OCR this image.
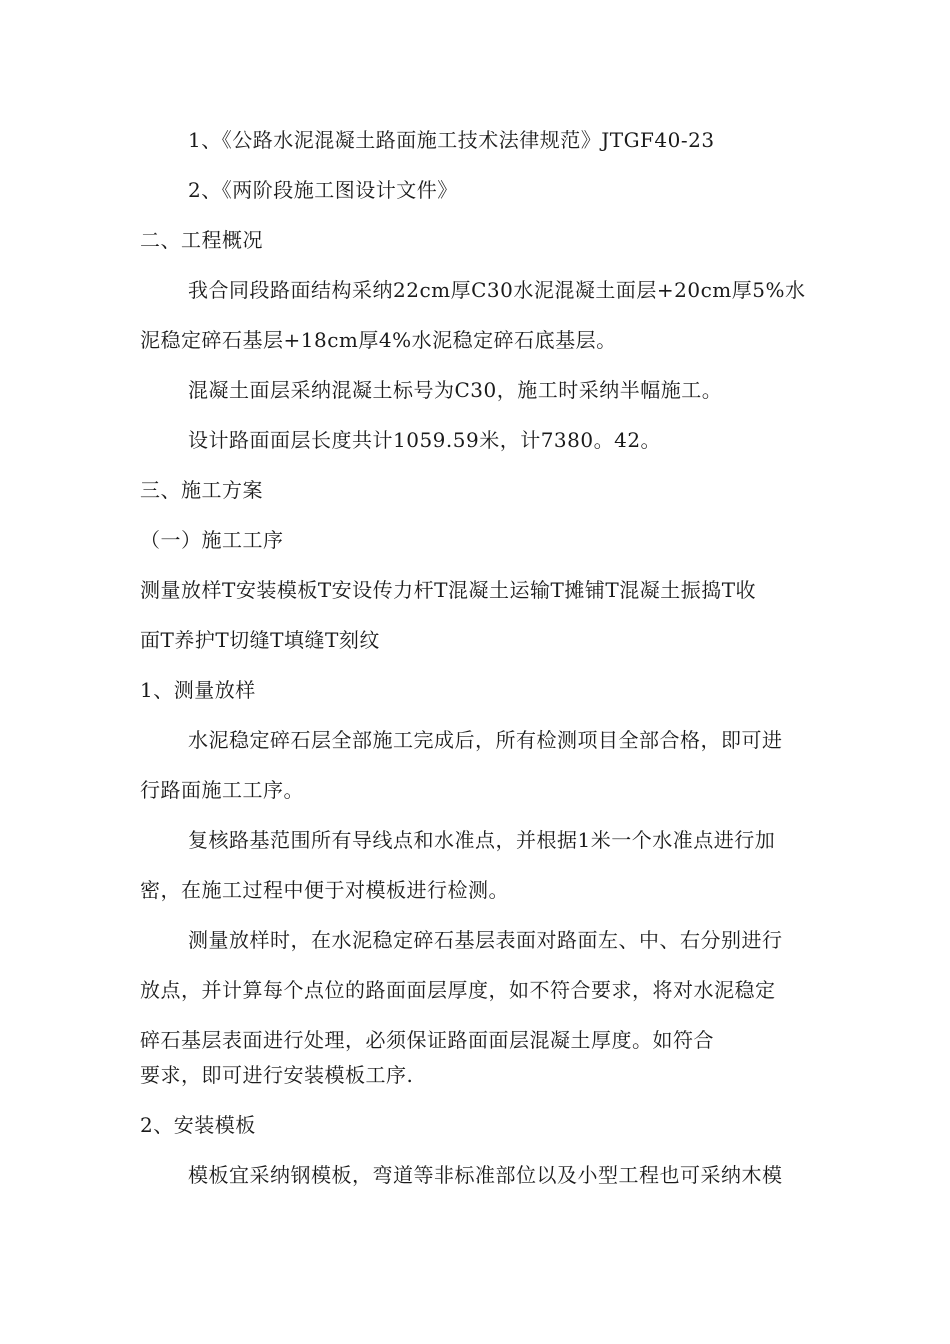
1、《公路水泥混凝土路面施工技术法律规范》JTGF40-23
2、《两阶段施工图设计文件》
二、工程概况
我合同段路面结构采纳22cm厚C30水泥混凝土面层+20cm厚5%水
泥稳定碎石基层+18cm厚4%水泥稳定碎石底基层。
混凝土面层采纳混凝土标号为C30，施工时采纳半幅施工。
设计路面面层长度共计1059.59米，计7380。42。
三、施工方案
（一）施工工序
测量放样T安装模板T安设传力杆T混凝土运输T摊铺T混凝土振捣T收
面T养护T切缝T填缝T刻纹
1、测量放样
水泥稳定碎石层全部施工完成后，所有检测项目全部合格，即可进
行路面施工工序。
复核路基范围所有导线点和水准点，并根据1米一个水准点进行加
密，在施工过程中便于对模板进行检测。
测量放样时，在水泥稳定碎石基层表面对路面左、中、右分别进行
放点，并计算每个点位的路面面层厚度，如不符合要求，将对水泥稳定
碎石基层表面进行处理，必须保证路面面层混凝土厚度。如符合
要求，即可进行安装模板工序.
2、安装模板
模板宜采纳钢模板，弯道等非标准部位以及小型工程也可采纳木模
